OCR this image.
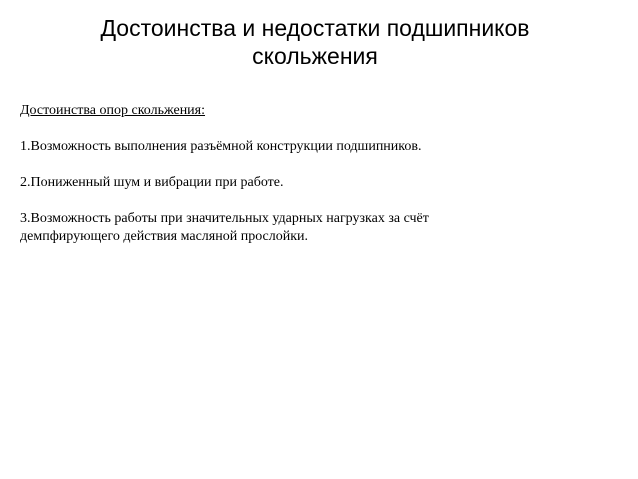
Достоинства и недостатки подшипников
скольжения

Достоинства опор скольжения:

1.Возможность выполнения разъёмной конструкции подшипников.

2.Пониженный шум и вибрации при работе.

3.Возможность работы при значительных ударных нагрузках за счёт
демпфирующего действия масляной прослойки.
